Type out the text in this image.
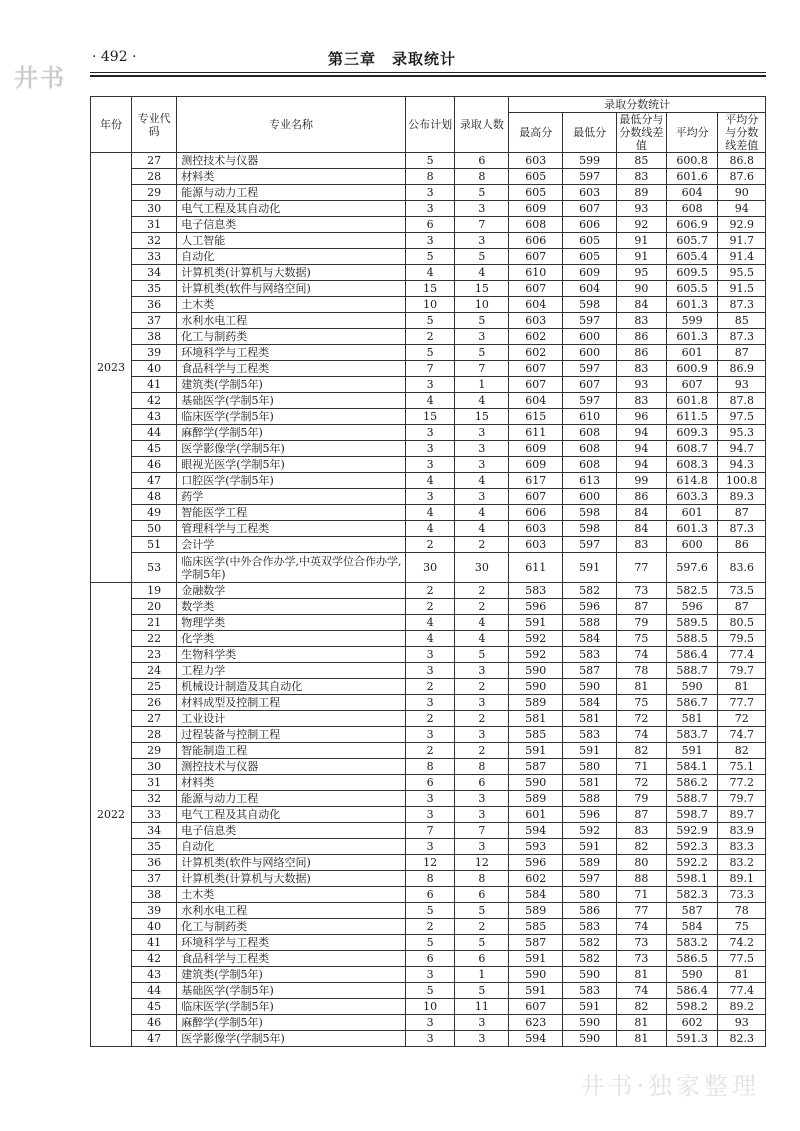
井书
· 492 ·	第三章　录取统计
年份	专业代码	专业名称	公布计划	录取人数	录取分数统计				
					最高分	最低分	最低分与分数线差值	平均分	平均分与分数线差值
2023	27	测控技术与仪器	5	6	603	599	85	600.8	86.8
	28	材料类	8	8	605	597	83	601.6	87.6
	29	能源与动力工程	3	5	605	603	89	604	90
	30	电气工程及其自动化	3	3	609	607	93	608	94
	31	电子信息类	6	7	608	606	92	606.9	92.9
	32	人工智能	3	3	606	605	91	605.7	91.7
	33	自动化	5	5	607	605	91	605.4	91.4
	34	计算机类(计算机与大数据)	4	4	610	609	95	609.5	95.5
	35	计算机类(软件与网络空间)	15	15	607	604	90	605.5	91.5
	36	土木类	10	10	604	598	84	601.3	87.3
	37	水利水电工程	5	5	603	597	83	599	85
	38	化工与制药类	2	3	602	600	86	601.3	87.3
	39	环境科学与工程类	5	5	602	600	86	601	87
	40	食品科学与工程类	7	7	607	597	83	600.9	86.9
	41	建筑类(学制5年)	3	1	607	607	93	607	93
	42	基础医学(学制5年)	4	4	604	597	83	601.8	87.8
	43	临床医学(学制5年)	15	15	615	610	96	611.5	97.5
	44	麻醉学(学制5年)	3	3	611	608	94	609.3	95.3
	45	医学影像学(学制5年)	3	3	609	608	94	608.7	94.7
	46	眼视光医学(学制5年)	3	3	609	608	94	608.3	94.3
	47	口腔医学(学制5年)	4	4	617	613	99	614.8	100.8
	48	药学	3	3	607	600	86	603.3	89.3
	49	智能医学工程	4	4	606	598	84	601	87
	50	管理科学与工程类	4	4	603	598	84	601.3	87.3
	51	会计学	2	2	603	597	83	600	86
	53	临床医学(中外合作办学,中英双学位合作办学,学制5年)	30	30	611	591	77	597.6	83.6
2022	19	金融数学	2	2	583	582	73	582.5	73.5
	20	数学类	2	2	596	596	87	596	87
	21	物理学类	4	4	591	588	79	589.5	80.5
	22	化学类	4	4	592	584	75	588.5	79.5
	23	生物科学类	3	5	592	583	74	586.4	77.4
	24	工程力学	3	3	590	587	78	588.7	79.7
	25	机械设计制造及其自动化	2	2	590	590	81	590	81
	26	材料成型及控制工程	3	3	589	584	75	586.7	77.7
	27	工业设计	2	2	581	581	72	581	72
	28	过程装备与控制工程	3	3	585	583	74	583.7	74.7
	29	智能制造工程	2	2	591	591	82	591	82
	30	测控技术与仪器	8	8	587	580	71	584.1	75.1
	31	材料类	6	6	590	581	72	586.2	77.2
	32	能源与动力工程	3	3	589	588	79	588.7	79.7
	33	电气工程及其自动化	3	3	601	596	87	598.7	89.7
	34	电子信息类	7	7	594	592	83	592.9	83.9
	35	自动化	3	3	593	591	82	592.3	83.3
	36	计算机类(软件与网络空间)	12	12	596	589	80	592.2	83.2
	37	计算机类(计算机与大数据)	8	8	602	597	88	598.1	89.1
	38	土木类	6	6	584	580	71	582.3	73.3
	39	水利水电工程	5	5	589	586	77	587	78
	40	化工与制药类	2	2	585	583	74	584	75
	41	环境科学与工程类	5	5	587	582	73	583.2	74.2
	42	食品科学与工程类	6	6	591	582	73	586.5	77.5
	43	建筑类(学制5年)	3	1	590	590	81	590	81
	44	基础医学(学制5年)	5	5	591	583	74	586.4	77.4
	45	临床医学(学制5年)	10	11	607	591	82	598.2	89.2
	46	麻醉学(学制5年)	3	3	623	590	81	602	93
	47	医学影像学(学制5年)	3	3	594	590	81	591.3	82.3
井书·独家整理
